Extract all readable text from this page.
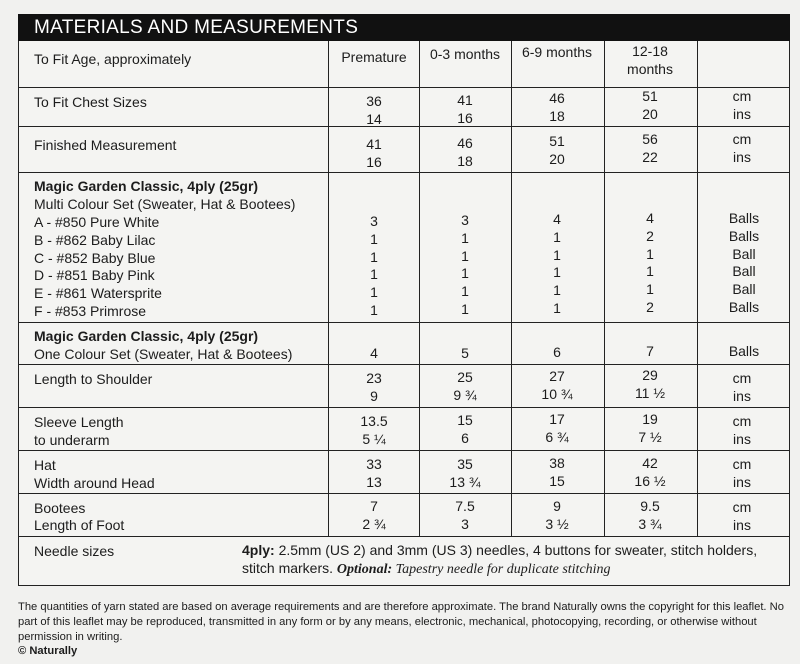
MATERIALS AND MEASUREMENTS
To Fit Age, approximately	Premature	0-3 months	6-9 months	12-18
months
To Fit Chest Sizes	36	41	46	51	cm
14	16	18	20	ins
Finished Measurement	41	46	51	56	cm
16	18	20	22	ins
Magic Garden Classic, 4ply (25gr)
Multi Colour Set (Sweater, Hat & Bootees)
A - #850 Pure White	3	3	4	4	Balls
B - #862 Baby Lilac	1	1	1	2	Balls
C - #852 Baby Blue	1	1	1	1	Ball
D - #851 Baby Pink	1	1	1	1	Ball
E - #861 Watersprite	1	1	1	1	Ball
F - #853 Primrose	1	1	1	2	Balls
Magic Garden Classic, 4ply (25gr)
One Colour Set (Sweater, Hat & Bootees)	4	5	6	7	Balls
Length to Shoulder	23	25	27	29	cm
9	9 ¾	10 ¾	11 ½	ins
Sleeve Length
to underarm
13.5	15	17	19	cm
5 ¼	6	6 ¾	7 ½	ins
Hat
Width around Head
33	35	38	42	cm
13	13 ¾	15	16 ½	ins
Bootees
Length of Foot
7	7.5	9	9.5	cm
2 ¾	3	3 ½	3 ¾	ins
Needle sizes	4ply: 2.5mm (US 2) and 3mm (US 3) needles, 4 buttons for sweater, stitch holders, stitch markers. Optional: Tapestry needle for duplicate stitching
The quantities of yarn stated are based on average requirements and are therefore approximate. The brand Naturally owns the copyright for this leaflet. No part of this leaflet may be reproduced, transmitted in any form or by any means, electronic, mechanical, photocopying, recording, or otherwise without permission in writing.
© Naturally
